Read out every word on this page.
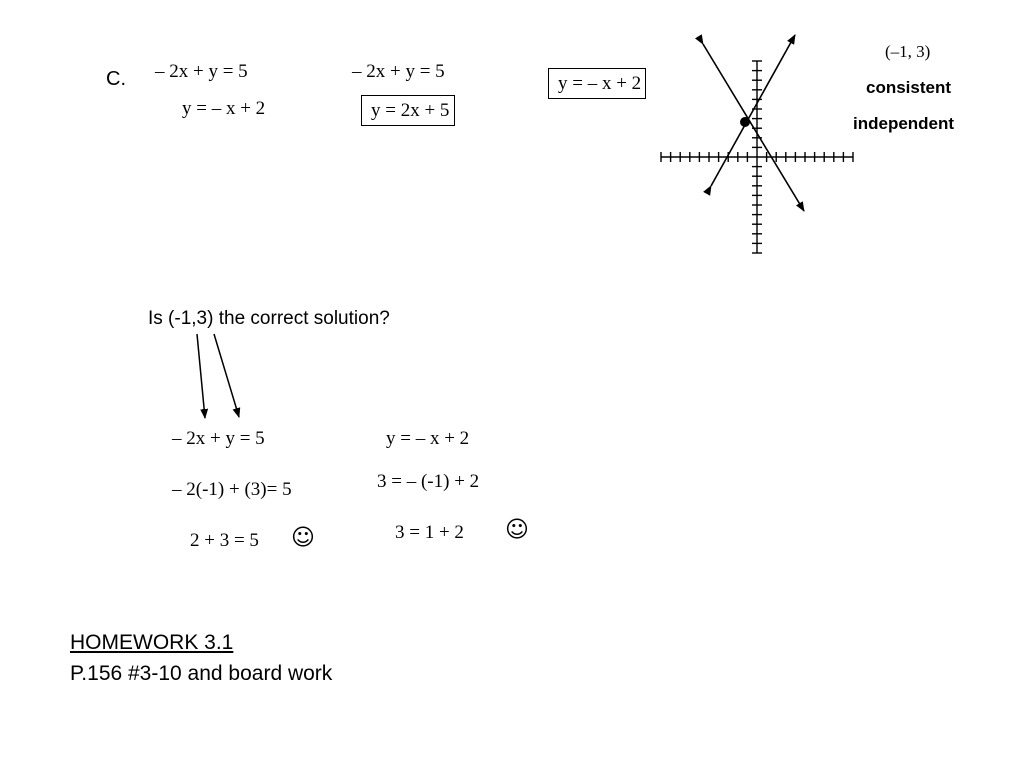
C. – 2x + y = 5
y = – x + 2
– 2x + y = 5
y = 2x + 5
y = – x + 2
(–1, 3)
consistent
independent
Is (-1,3) the correct solution?
– 2x + y = 5
– 2(-1) + (3)= 5
2 + 3 = 5 ☺
y = – x + 2
3 = – (-1) + 2
3 = 1 + 2 ☺
HOMEWORK 3.1
P.156 #3-10 and board work
